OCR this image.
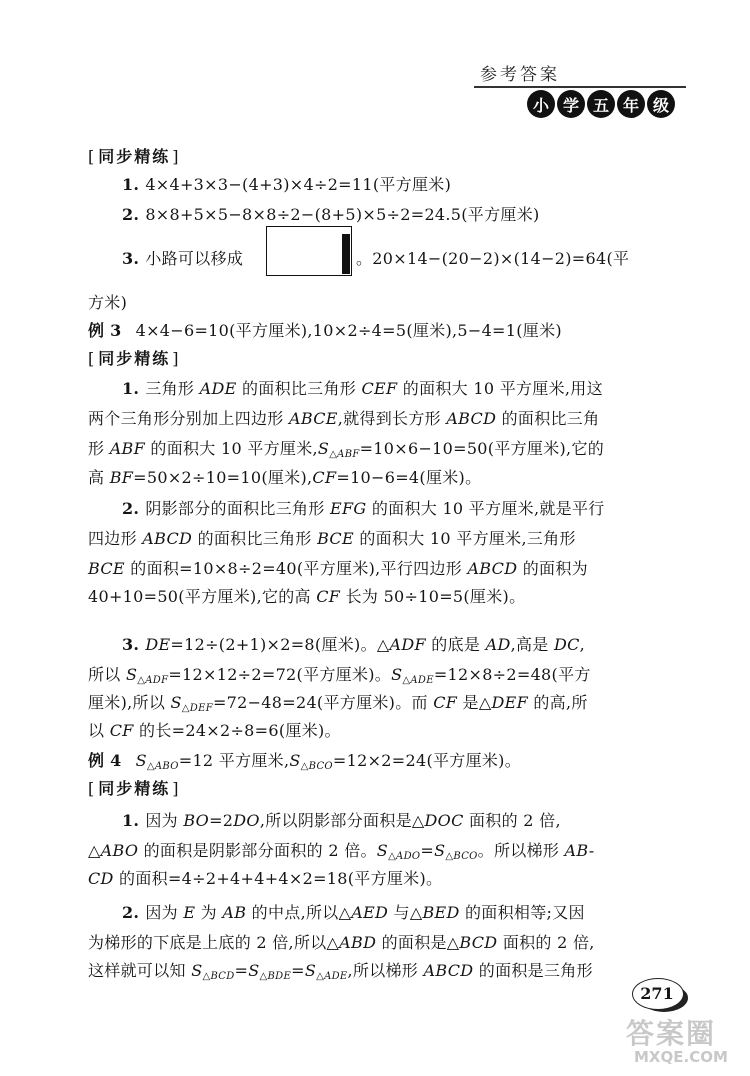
参考答案
小 学 五 年 级
[ 同步精练 ]
1. 4×4+3×3−(4+3)×4÷2=11(平方厘米)
2. 8×8+5×5−8×8÷2−(8+5)×5÷2=24.5(平方厘米)
3. 小路可以移成	。20×14−(20−2)×(14−2)=64(平
方米)
例 3 4×4−6=10(平方厘米),10×2÷4=5(厘米),5−4=1(厘米)
[ 同步精练 ]
1. 三角形 ADE 的面积比三角形 CEF 的面积大 10 平方厘米,用这
两个三角形分别加上四边形 ABCE,就得到长方形 ABCD 的面积比三角
形 ABF 的面积大 10 平方厘米$,S_{\triangle ABF}=10\times 6-10=50$(平方厘米),它的
高 BF=50×2÷10=10(厘米),CF=10−6=4(厘米)。
2. 阴影部分的面积比三角形 EFG 的面积大 10 平方厘米,就是平行
四边形 ABCD 的面积比三角形 BCE 的面积大 10 平方厘米,三角形
BCE 的面积=10×8÷2=40(平方厘米),平行四边形 ABCD 的面积为
40+10=50(平方厘米),它的高 CF 长为 50÷10=5(厘米)。
3. DE=12÷(2+1)×2=8(厘米)。△ADF 的底是 AD,高是 DC,
所以 $S_{\triangle ADF}=12\times 12\div 2=72$(平方厘米)。$S_{\triangle ADE}=12\times 8\div 2=48$(平方
厘米),所以 $S_{\triangle DEF}=72-48=24$(平方厘米)。而 CF 是△DEF 的高,所
以 CF 的长=24×2÷8=6(厘米)。
例 4 $S_{\triangle ABO}=12$ 平方厘米$,S_{\triangle BCO}=12\times 2=24$(平方厘米)。
[ 同步精练 ]
1. 因为 BO=2DO,所以阴影部分面积是△DOC 面积的 2 倍,
△ABO 的面积是阴影部分面积的 2 倍。$S_{\triangle ADO}=S_{\triangle BCO}$。所以梯形 AB-
CD 的面积=4÷2+4+4+4×2=18(平方厘米)。
2. 因为 E 为 AB 的中点,所以△AED 与△BED 的面积相等;又因
为梯形的下底是上底的 2 倍,所以△ABD 的面积是△BCD 面积的 2 倍,
这样就可以知 $S_{\triangle BCD}=S_{\triangle BDE}=S_{\triangle ADE}$,所以梯形 ABCD 的面积是三角形
271
答案圈
MXQE.COM
